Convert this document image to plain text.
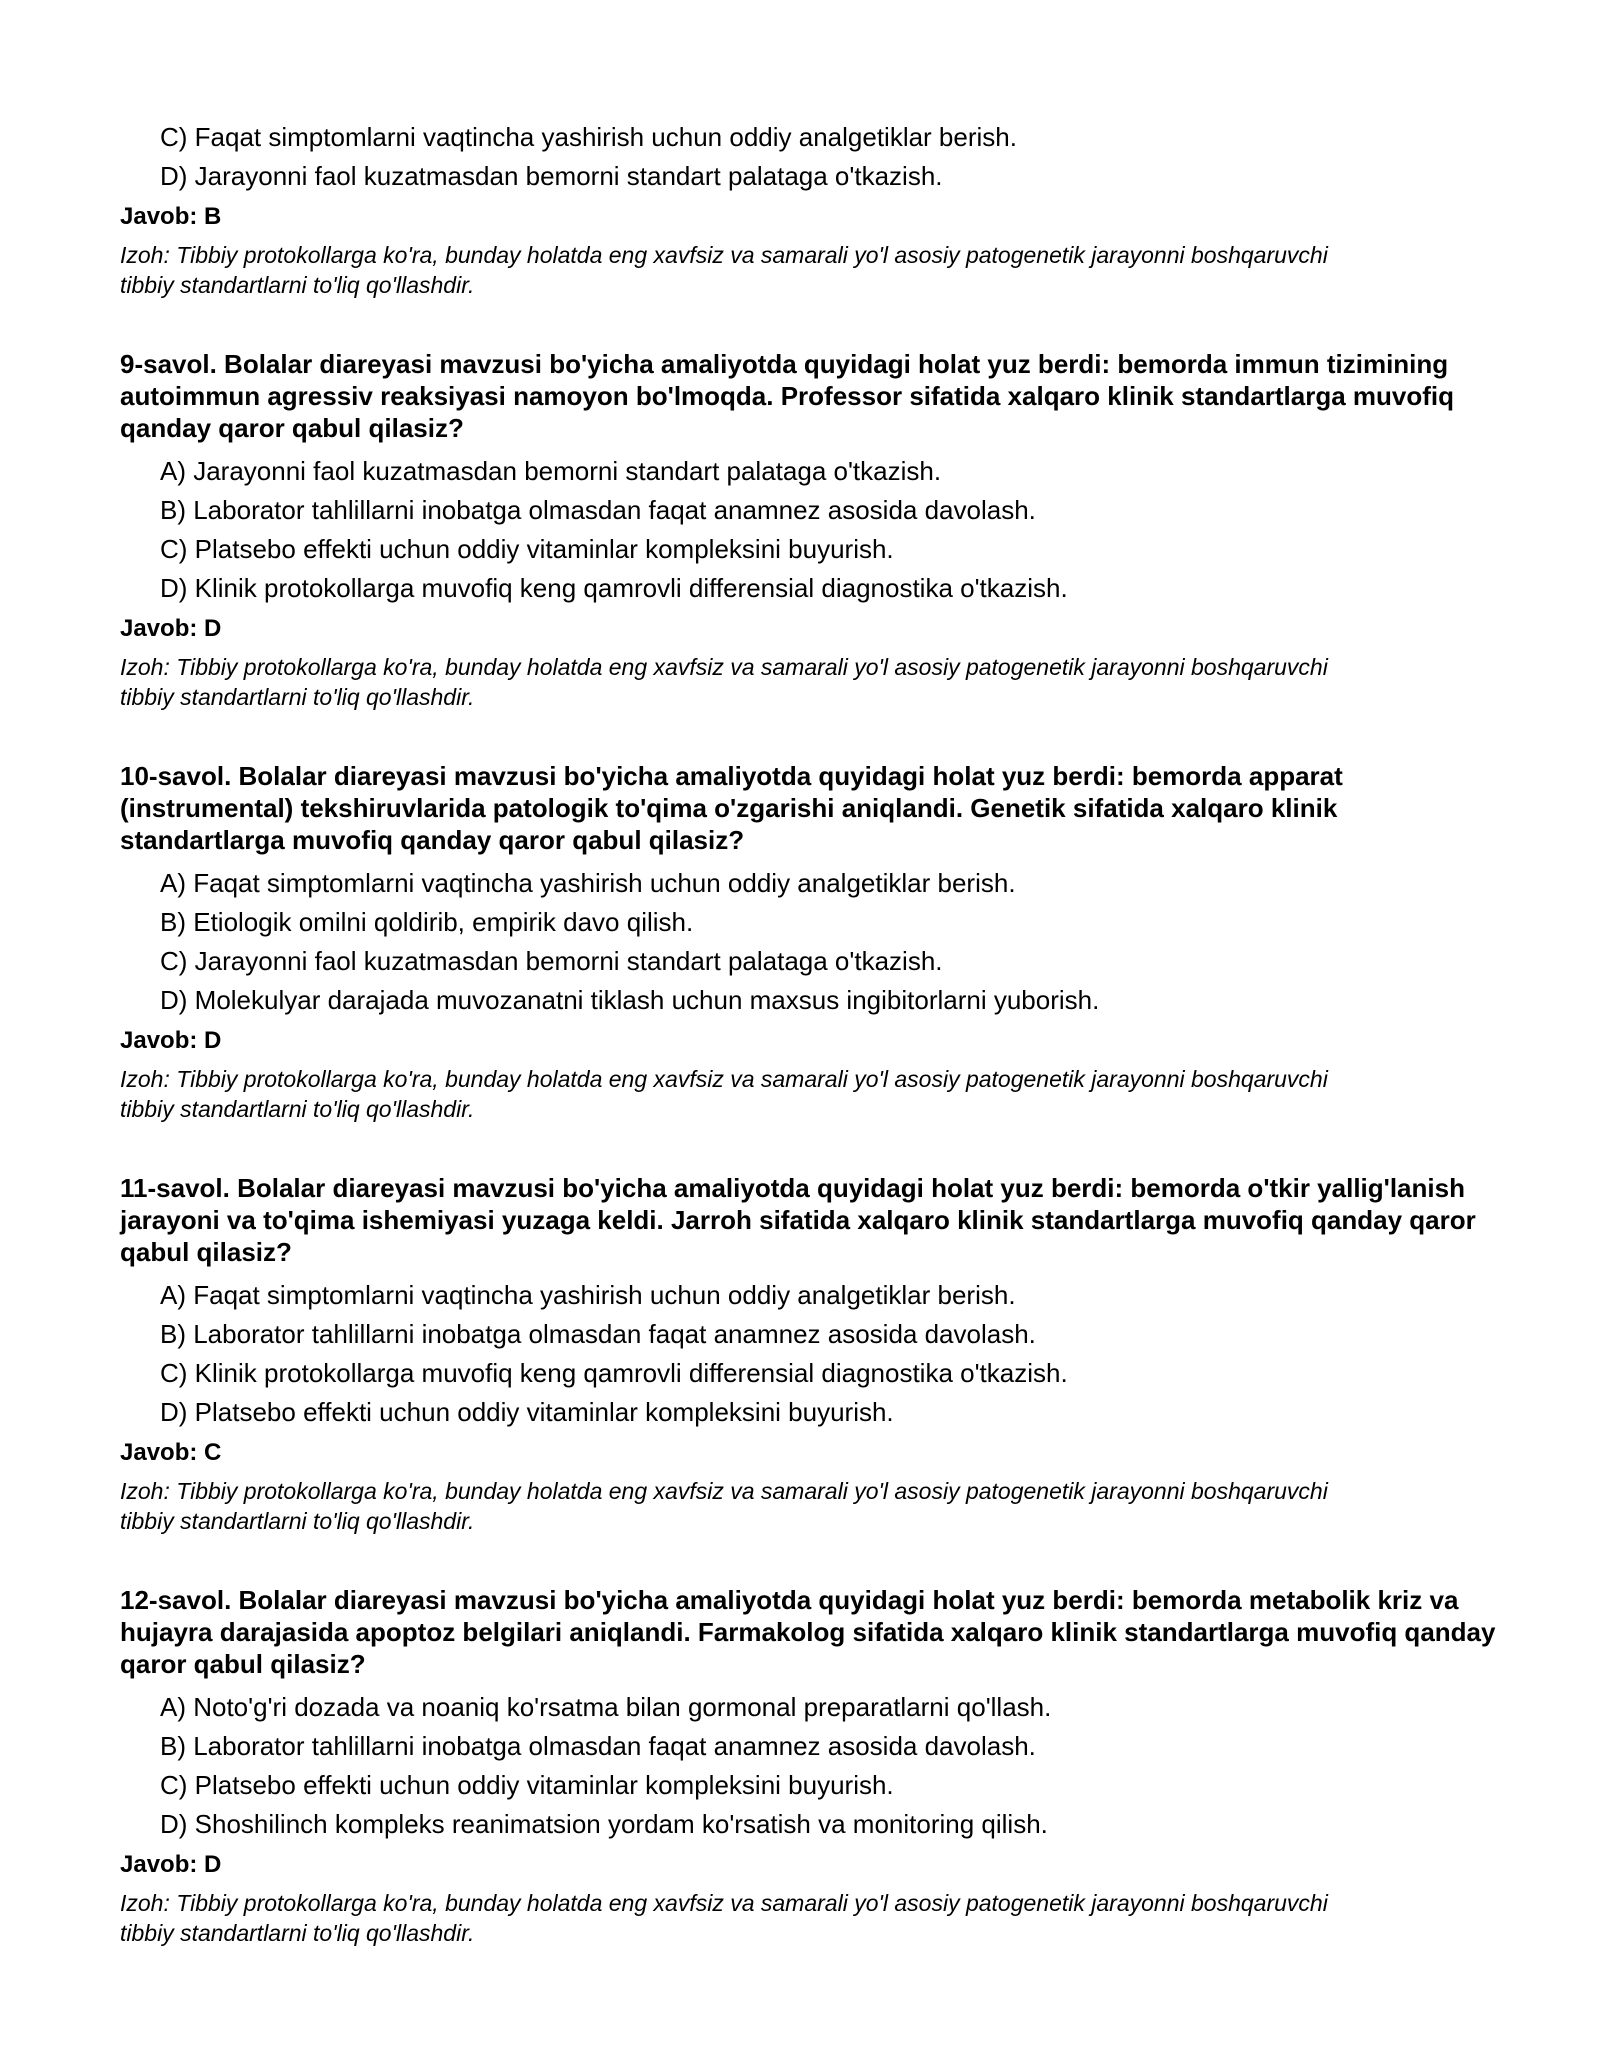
C) Faqat simptomlarni vaqtincha yashirish uchun oddiy analgetiklar berish.
D) Jarayonni faol kuzatmasdan bemorni standart palataga o'tkazish.

Javob: B

Izoh: Tibbiy protokollarga ko'ra, bunday holatda eng xavfsiz va samarali yo'l asosiy patogenetik jarayonni boshqaruvchi tibbiy standartlarni to'liq qo'llashdir.

9-savol. Bolalar diareyasi mavzusi bo'yicha amaliyotda quyidagi holat yuz berdi: bemorda immun tizimining autoimmun agressiv reaksiyasi namoyon bo'lmoqda. Professor sifatida xalqaro klinik standartlarga muvofiq qanday qaror qabul qilasiz?

A) Jarayonni faol kuzatmasdan bemorni standart palataga o'tkazish.
B) Laborator tahlillarni inobatga olmasdan faqat anamnez asosida davolash.
C) Platsebo effekti uchun oddiy vitaminlar kompleksini buyurish.
D) Klinik protokollarga muvofiq keng qamrovli differensial diagnostika o'tkazish.

Javob: D

Izoh: Tibbiy protokollarga ko'ra, bunday holatda eng xavfsiz va samarali yo'l asosiy patogenetik jarayonni boshqaruvchi tibbiy standartlarni to'liq qo'llashdir.

10-savol. Bolalar diareyasi mavzusi bo'yicha amaliyotda quyidagi holat yuz berdi: bemorda apparat (instrumental) tekshiruvlarida patologik to'qima o'zgarishi aniqlandi. Genetik sifatida xalqaro klinik standartlarga muvofiq qanday qaror qabul qilasiz?

A) Faqat simptomlarni vaqtincha yashirish uchun oddiy analgetiklar berish.
B) Etiologik omilni qoldirib, empirik davo qilish.
C) Jarayonni faol kuzatmasdan bemorni standart palataga o'tkazish.
D) Molekulyar darajada muvozanatni tiklash uchun maxsus ingibitorlarni yuborish.

Javob: D

Izoh: Tibbiy protokollarga ko'ra, bunday holatda eng xavfsiz va samarali yo'l asosiy patogenetik jarayonni boshqaruvchi tibbiy standartlarni to'liq qo'llashdir.

11-savol. Bolalar diareyasi mavzusi bo'yicha amaliyotda quyidagi holat yuz berdi: bemorda o'tkir yallig'lanish jarayoni va to'qima ishemiyasi yuzaga keldi. Jarroh sifatida xalqaro klinik standartlarga muvofiq qanday qaror qabul qilasiz?

A) Faqat simptomlarni vaqtincha yashirish uchun oddiy analgetiklar berish.
B) Laborator tahlillarni inobatga olmasdan faqat anamnez asosida davolash.
C) Klinik protokollarga muvofiq keng qamrovli differensial diagnostika o'tkazish.
D) Platsebo effekti uchun oddiy vitaminlar kompleksini buyurish.

Javob: C

Izoh: Tibbiy protokollarga ko'ra, bunday holatda eng xavfsiz va samarali yo'l asosiy patogenetik jarayonni boshqaruvchi tibbiy standartlarni to'liq qo'llashdir.

12-savol. Bolalar diareyasi mavzusi bo'yicha amaliyotda quyidagi holat yuz berdi: bemorda metabolik kriz va hujayra darajasida apoptoz belgilari aniqlandi. Farmakolog sifatida xalqaro klinik standartlarga muvofiq qanday qaror qabul qilasiz?

A) Noto'g'ri dozada va noaniq ko'rsatma bilan gormonal preparatlarni qo'llash.
B) Laborator tahlillarni inobatga olmasdan faqat anamnez asosida davolash.
C) Platsebo effekti uchun oddiy vitaminlar kompleksini buyurish.
D) Shoshilinch kompleks reanimatsion yordam ko'rsatish va monitoring qilish.

Javob: D

Izoh: Tibbiy protokollarga ko'ra, bunday holatda eng xavfsiz va samarali yo'l asosiy patogenetik jarayonni boshqaruvchi tibbiy standartlarni to'liq qo'llashdir.
